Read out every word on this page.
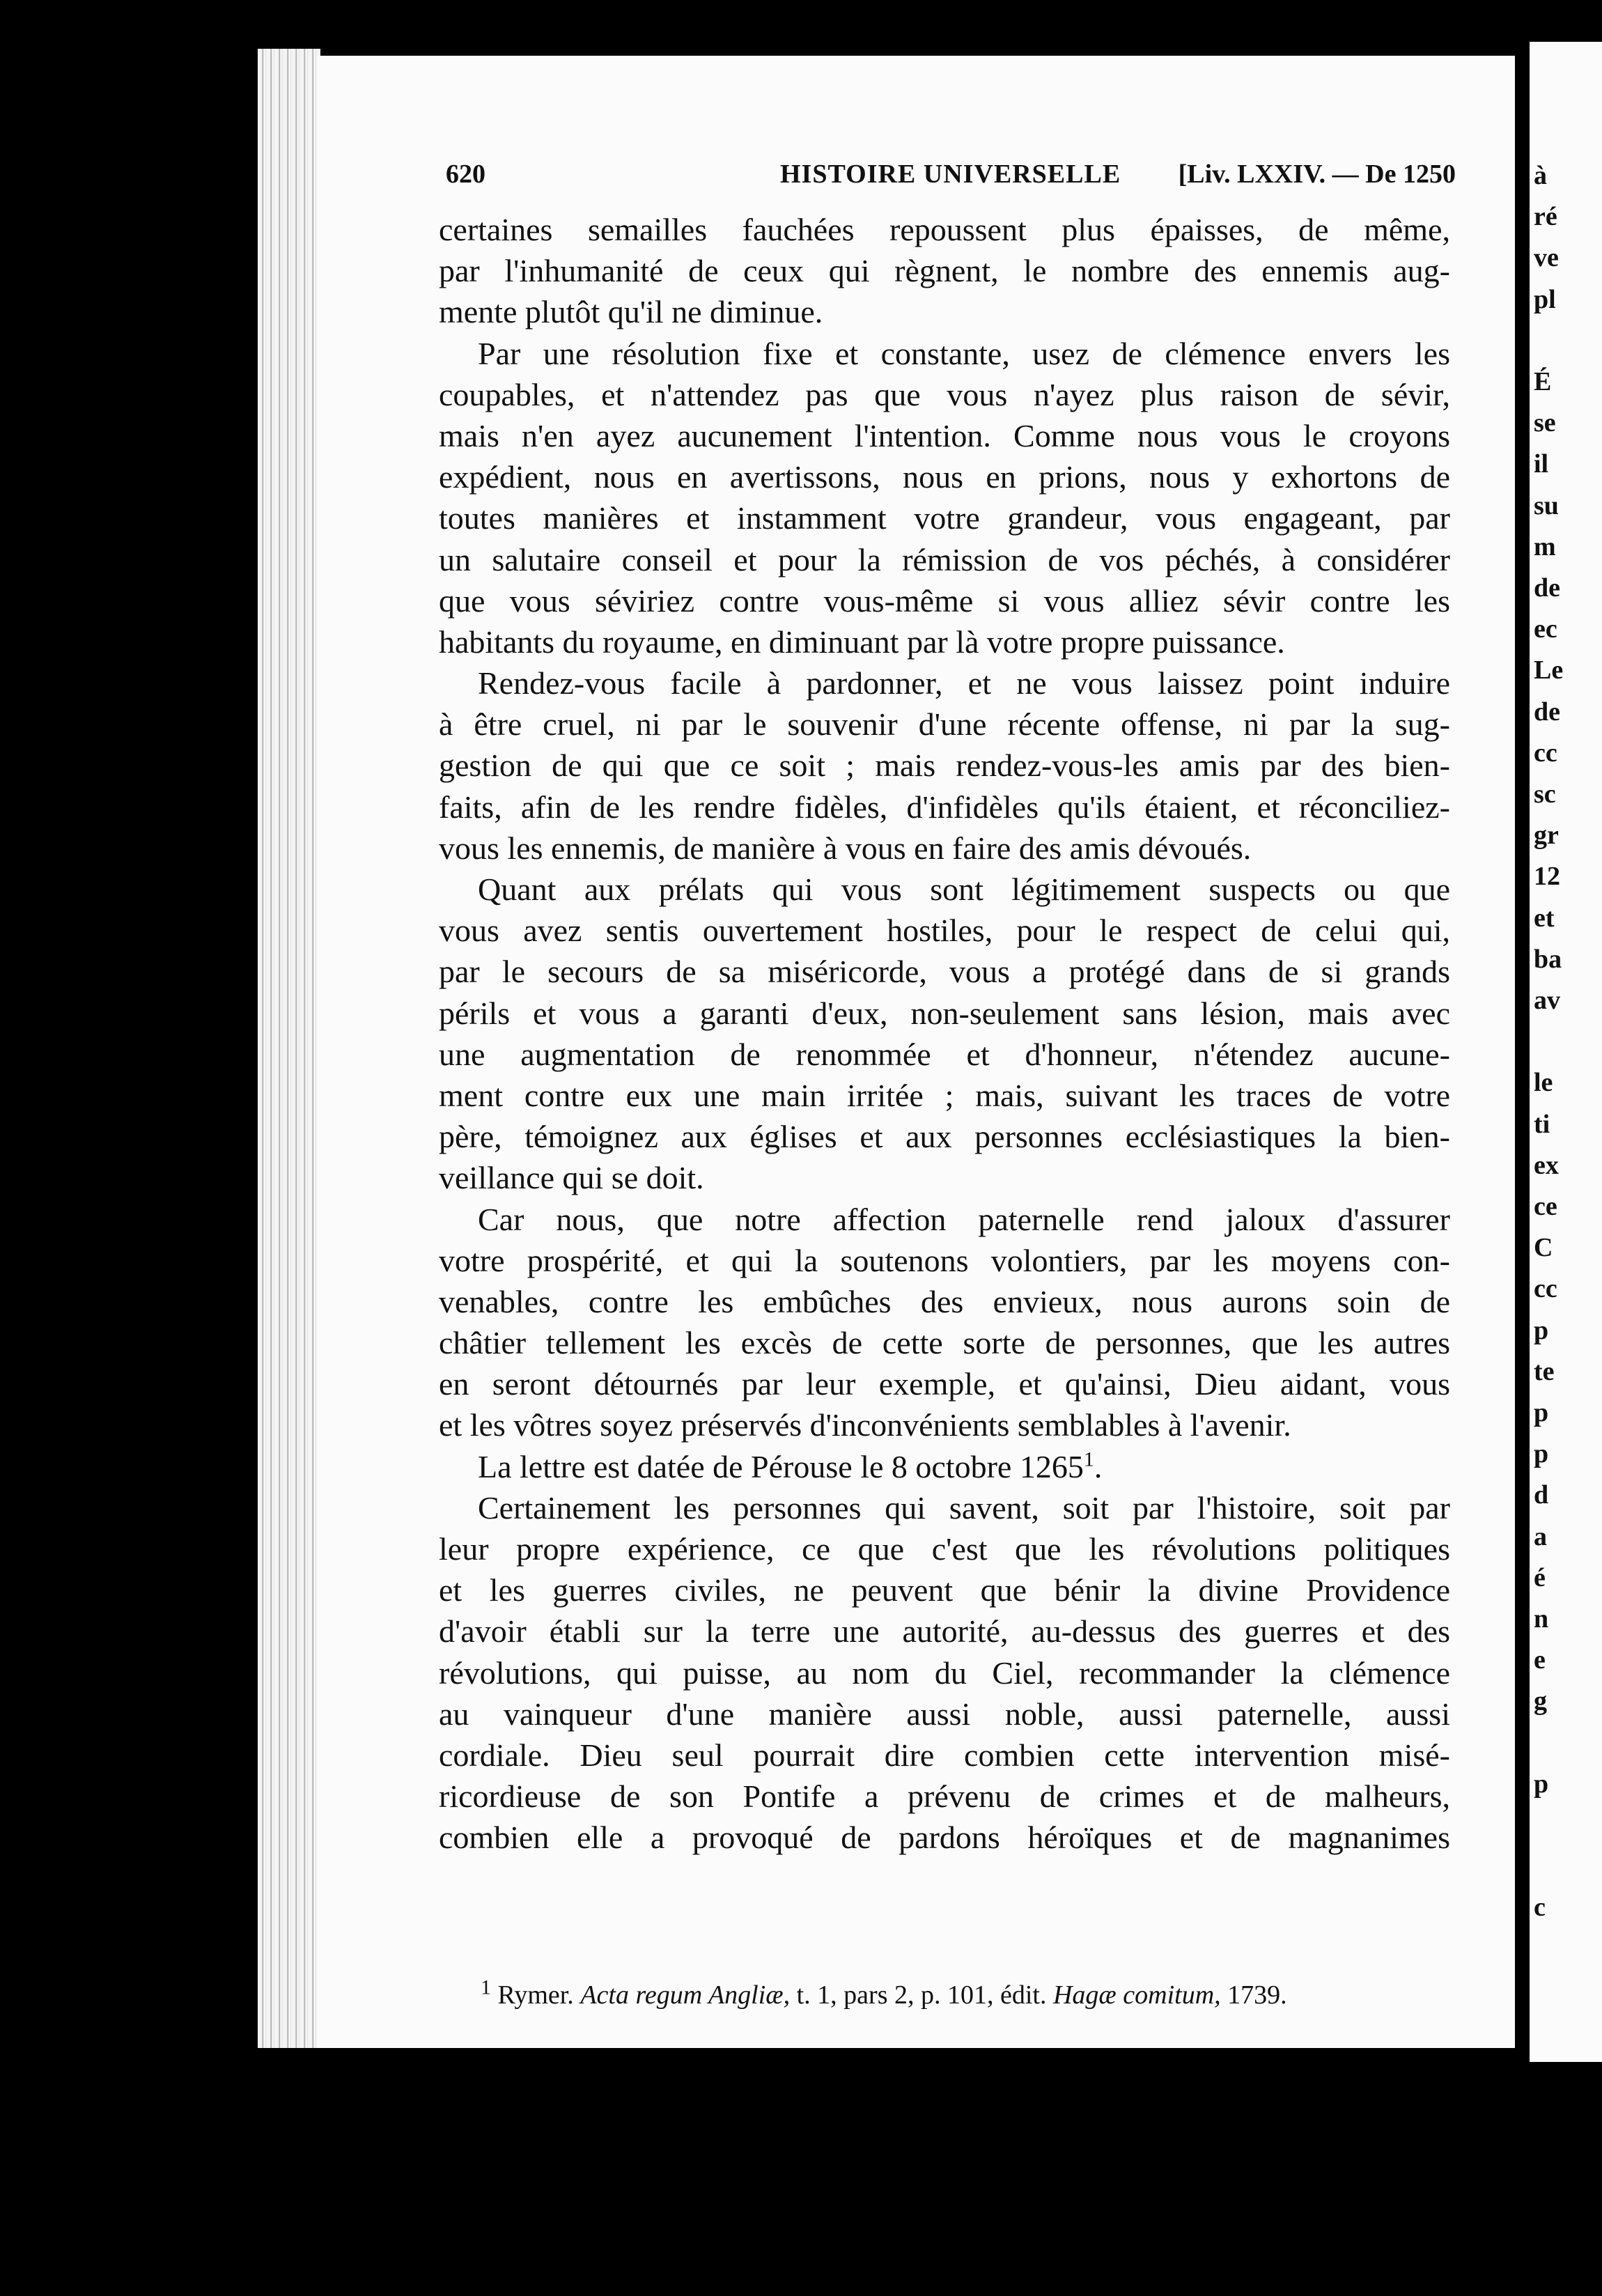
620	HISTOIRE UNIVERSELLE [Liv. LXXIV. — De 1250
certaines semailles fauchées repoussent plus épaisses, de même,
par l'inhumanité de ceux qui règnent, le nombre des ennemis aug-
mente plutôt qu'il ne diminue.
Par une résolution fixe et constante, usez de clémence envers les
coupables, et n'attendez pas que vous n'ayez plus raison de sévir,
mais n'en ayez aucunement l'intention. Comme nous vous le croyons
expédient, nous en avertissons, nous en prions, nous y exhortons de
toutes manières et instamment votre grandeur, vous engageant, par
un salutaire conseil et pour la rémission de vos péchés, à considérer
que vous séviriez contre vous-même si vous alliez sévir contre les
habitants du royaume, en diminuant par là votre propre puissance.
Rendez-vous facile à pardonner, et ne vous laissez point induire
à être cruel, ni par le souvenir d'une récente offense, ni par la sug-
gestion de qui que ce soit ; mais rendez-vous-les amis par des bien-
faits, afin de les rendre fidèles, d'infidèles qu'ils étaient, et réconciliez-
vous les ennemis, de manière à vous en faire des amis dévoués.
Quant aux prélats qui vous sont légitimement suspects ou que
vous avez sentis ouvertement hostiles, pour le respect de celui qui,
par le secours de sa miséricorde, vous a protégé dans de si grands
périls et vous a garanti d'eux, non-seulement sans lésion, mais avec
une augmentation de renommée et d'honneur, n'étendez aucune-
ment contre eux une main irritée ; mais, suivant les traces de votre
père, témoignez aux églises et aux personnes ecclésiastiques la bien-
veillance qui se doit.
Car nous, que notre affection paternelle rend jaloux d'assurer
votre prospérité, et qui la soutenons volontiers, par les moyens con-
venables, contre les embûches des envieux, nous aurons soin de
châtier tellement les excès de cette sorte de personnes, que les autres
en seront détournés par leur exemple, et qu'ainsi, Dieu aidant, vous
et les vôtres soyez préservés d'inconvénients semblables à l'avenir.
La lettre est datée de Pérouse le 8 octobre 1265$^1$.
Certainement les personnes qui savent, soit par l'histoire, soit par
leur propre expérience, ce que c'est que les révolutions politiques
et les guerres civiles, ne peuvent que bénir la divine Providence
d'avoir établi sur la terre une autorité, au-dessus des guerres et des
révolutions, qui puisse, au nom du Ciel, recommander la clémence
au vainqueur d'une manière aussi noble, aussi paternelle, aussi
cordiale. Dieu seul pourrait dire combien cette intervention misé-
ricordieuse de son Pontife a prévenu de crimes et de malheurs,
combien elle a provoqué de pardons héroïques et de magnanimes
$^1$ Rymer. Acta regum Angliæ, t. 1, pars 2, p. 101, édit. Hagæ comitum, 1739.
à
ré
ve
pl
É
se
il
su
m
de
ec
Le
de
cc
sc
gr
12
et
ba
av
le
ti
ex
ce
C
cc
p
te
p
p
d
a
é
n
e
g
p
c
